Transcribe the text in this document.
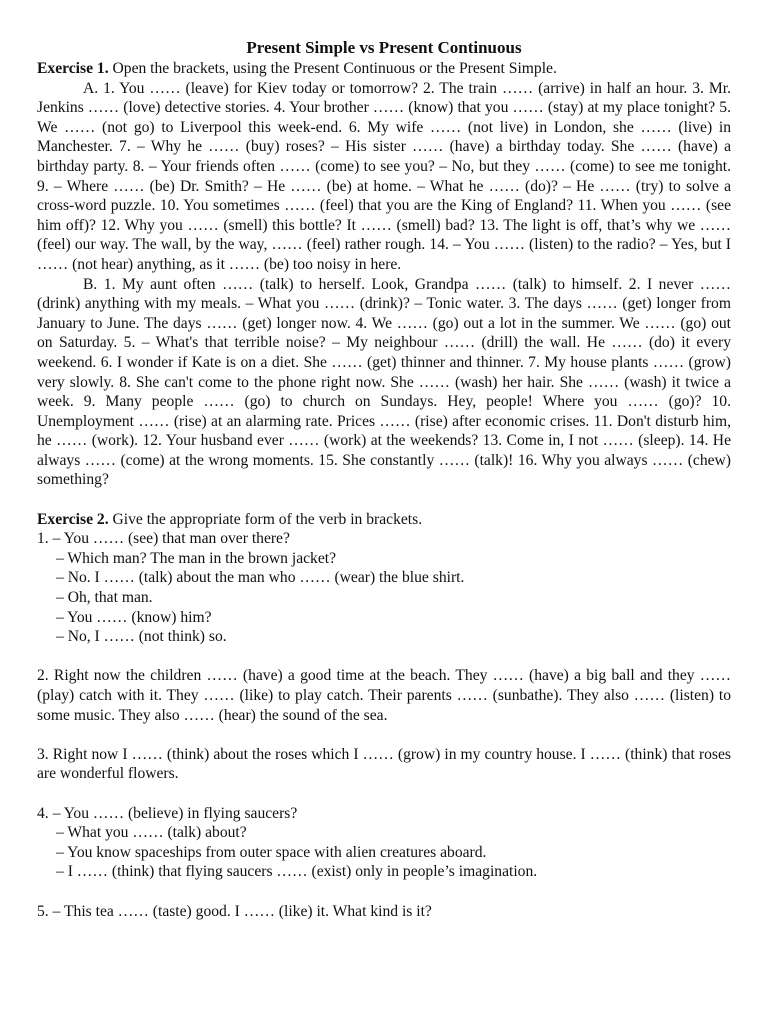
Present Simple vs Present Continuous

Exercise 1. Open the brackets, using the Present Continuous or the Present Simple.

A. 1. You …… (leave) for Kiev today or tomorrow? 2. The train …… (arrive) in half an hour. 3. Mr. Jenkins …… (love) detective stories. 4. Your brother …… (know) that you …… (stay) at my place tonight? 5. We …… (not go) to Liverpool this week-end. 6. My wife …… (not live) in London, she …… (live) in Manchester. 7. – Why he …… (buy) roses? – His sister …… (have) a birthday today. She …… (have) a birthday party. 8. – Your friends often …… (come) to see you? – No, but they …… (come) to see me tonight. 9. – Where …… (be) Dr. Smith? – He …… (be) at home. – What he …… (do)? – He …… (try) to solve a cross-word puzzle. 10. You sometimes …… (feel) that you are the King of England? 11. When you …… (see him off)? 12. Why you …… (smell) this bottle? It …… (smell) bad? 13. The light is off, that’s why we …… (feel) our way. The wall, by the way, …… (feel) rather rough. 14. – You …… (listen) to the radio? – Yes, but I …… (not hear) anything, as it …… (be) too noisy in here.

B. 1. My aunt often …… (talk) to herself. Look, Grandpa …… (talk) to himself. 2. I never …… (drink) anything with my meals. – What you …… (drink)? – Tonic water. 3. The days …… (get) longer from January to June. The days …… (get) longer now. 4. We …… (go) out a lot in the summer. We …… (go) out on Saturday. 5. – What's that terrible noise? – My neighbour …… (drill) the wall. He …… (do) it every weekend. 6. I wonder if Kate is on a diet. She …… (get) thinner and thinner. 7. My house plants …… (grow) very slowly. 8. She can't come to the phone right now. She …… (wash) her hair. She …… (wash) it twice a week. 9. Many people …… (go) to church on Sundays. Hey, people! Where you …… (go)? 10. Unemployment …… (rise) at an alarming rate. Prices …… (rise) after economic crises. 11. Don't disturb him, he …… (work). 12. Your husband ever …… (work) at the weekends? 13. Come in, I not …… (sleep). 14. He always …… (come) at the wrong moments. 15. She constantly …… (talk)! 16. Why you always …… (chew) something?

Exercise 2. Give the appropriate form of the verb in brackets.

1. – You …… (see) that man over there?

– Which man? The man in the brown jacket?

– No. I …… (talk) about the man who …… (wear) the blue shirt.

– Oh, that man.

– You …… (know) him?

– No, I …… (not think) so.

2. Right now the children …… (have) a good time at the beach. They …… (have) a big ball and they …… (play) catch with it. They …… (like) to play catch. Their parents …… (sunbathe). They also …… (listen) to some music. They also …… (hear) the sound of the sea.

3. Right now I …… (think) about the roses which I …… (grow) in my country house. I …… (think) that roses are wonderful flowers.

4. – You …… (believe) in flying saucers?

– What you …… (talk) about?

– You know spaceships from outer space with alien creatures aboard.

– I …… (think) that flying saucers …… (exist) only in people’s imagination.

5. – This tea …… (taste) good. I …… (like) it. What kind is it?
